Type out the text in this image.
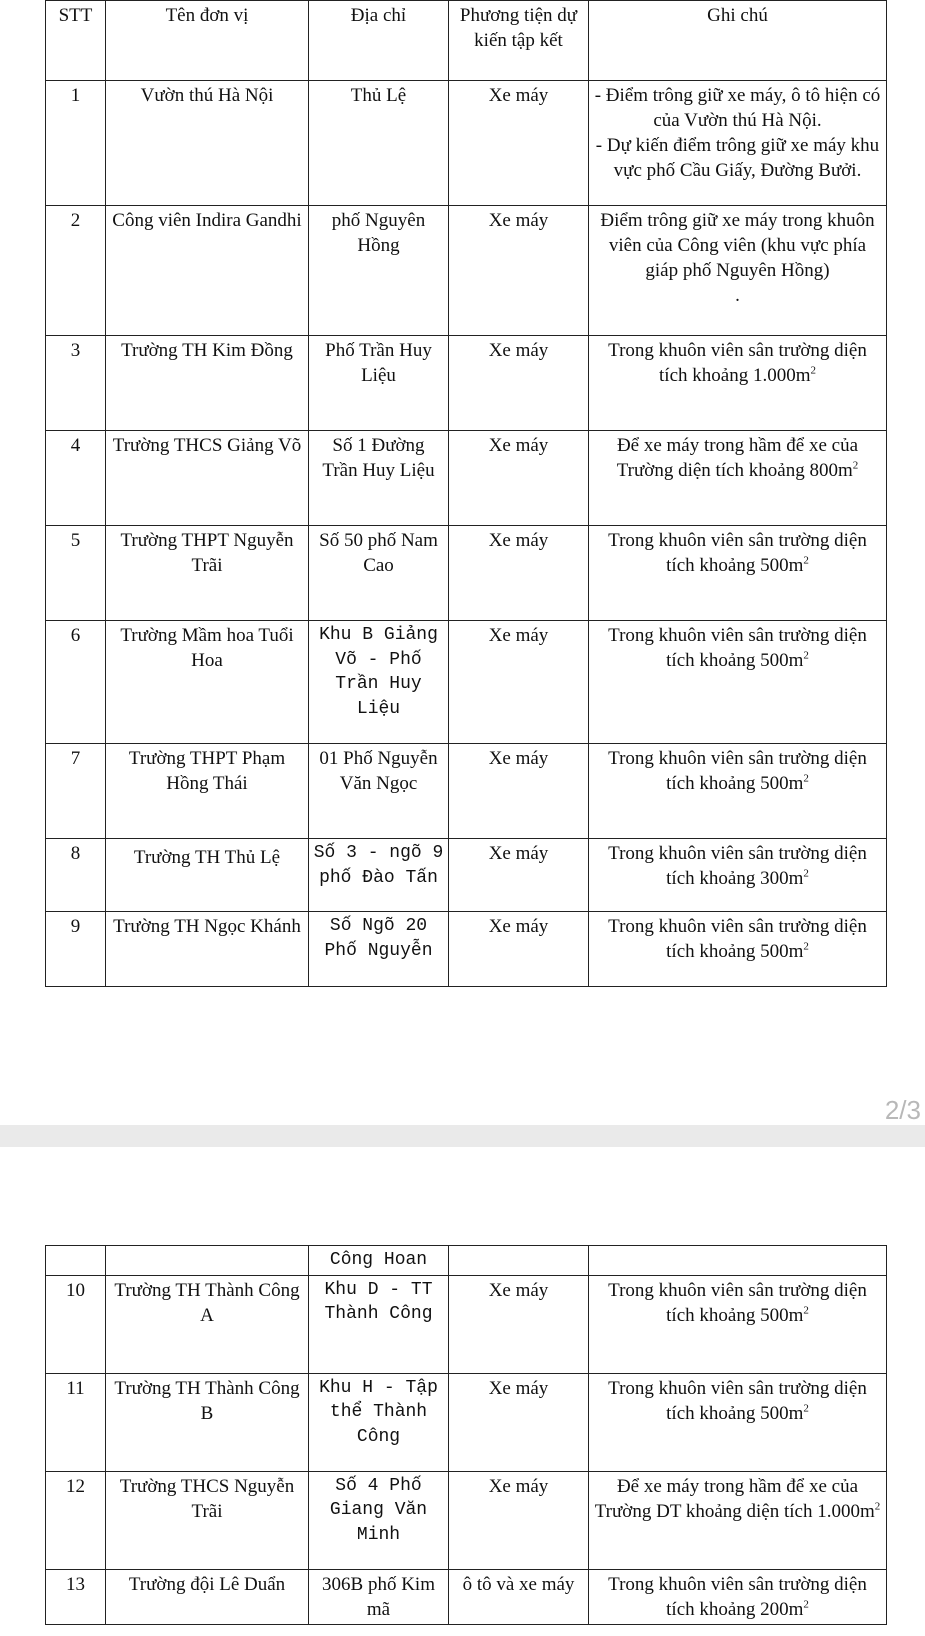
STT	Tên đơn vị	Địa chỉ	Phương tiện dự kiến tập kết	Ghi chú
1	Vườn thú Hà Nội	Thủ Lệ	Xe máy	- Điểm trông giữ xe máy, ô tô hiện có của Vườn thú Hà Nội.
- Dự kiến điểm trông giữ xe máy khu vực phố Cầu Giấy, Đường Bưởi.
2	Công viên Indira Gandhi	phố Nguyên Hồng	Xe máy	Điểm trông giữ xe máy trong khuôn viên của Công viên (khu vực phía giáp phố Nguyên Hồng)
.
3	Trường TH Kim Đồng	Phố Trần Huy Liệu	Xe máy	Trong khuôn viên sân trường diện tích khoảng $1.000m^2$
4	Trường THCS Giảng Võ	Số 1 Đường Trần Huy Liệu	Xe máy	Để xe máy trong hầm để xe của Trường diện tích khoảng $800m^2$
5	Trường THPT Nguyễn Trãi	Số 50 phố Nam Cao	Xe máy	Trong khuôn viên sân trường diện tích khoảng $500m^2$
6	Trường Mầm hoa Tuổi Hoa	Khu B Giảng Võ - Phố Trần Huy Liệu	Xe máy	Trong khuôn viên sân trường diện tích khoảng $500m^2$
7	Trường THPT Phạm Hồng Thái	01 Phố Nguyễn Văn Ngọc	Xe máy	Trong khuôn viên sân trường diện tích khoảng $500m^2$
8	Trường TH Thủ Lệ	Số 3 - ngõ 9 phố Đào Tấn	Xe máy	Trong khuôn viên sân trường diện tích khoảng $300m^2$
9	Trường TH Ngọc Khánh	Số Ngõ 20 Phố Nguyễn	Xe máy	Trong khuôn viên sân trường diện tích khoảng $500m^2$
2/3
		Công Hoan		
10	Trường TH Thành Công A	Khu D - TT Thành Công	Xe máy	Trong khuôn viên sân trường diện tích khoảng $500m^2$
11	Trường TH Thành Công B	Khu H - Tập thể Thành Công	Xe máy	Trong khuôn viên sân trường diện tích khoảng $500m^2$
12	Trường THCS Nguyễn Trãi	Số 4 Phố Giang Văn Minh	Xe máy	Để xe máy trong hầm để xe của Trường DT khoảng diện tích $1.000m^2$
13	Trường đội Lê Duẩn	306B phố Kim mã	ô tô và xe máy	Trong khuôn viên sân trường diện tích khoảng $200m^2$
